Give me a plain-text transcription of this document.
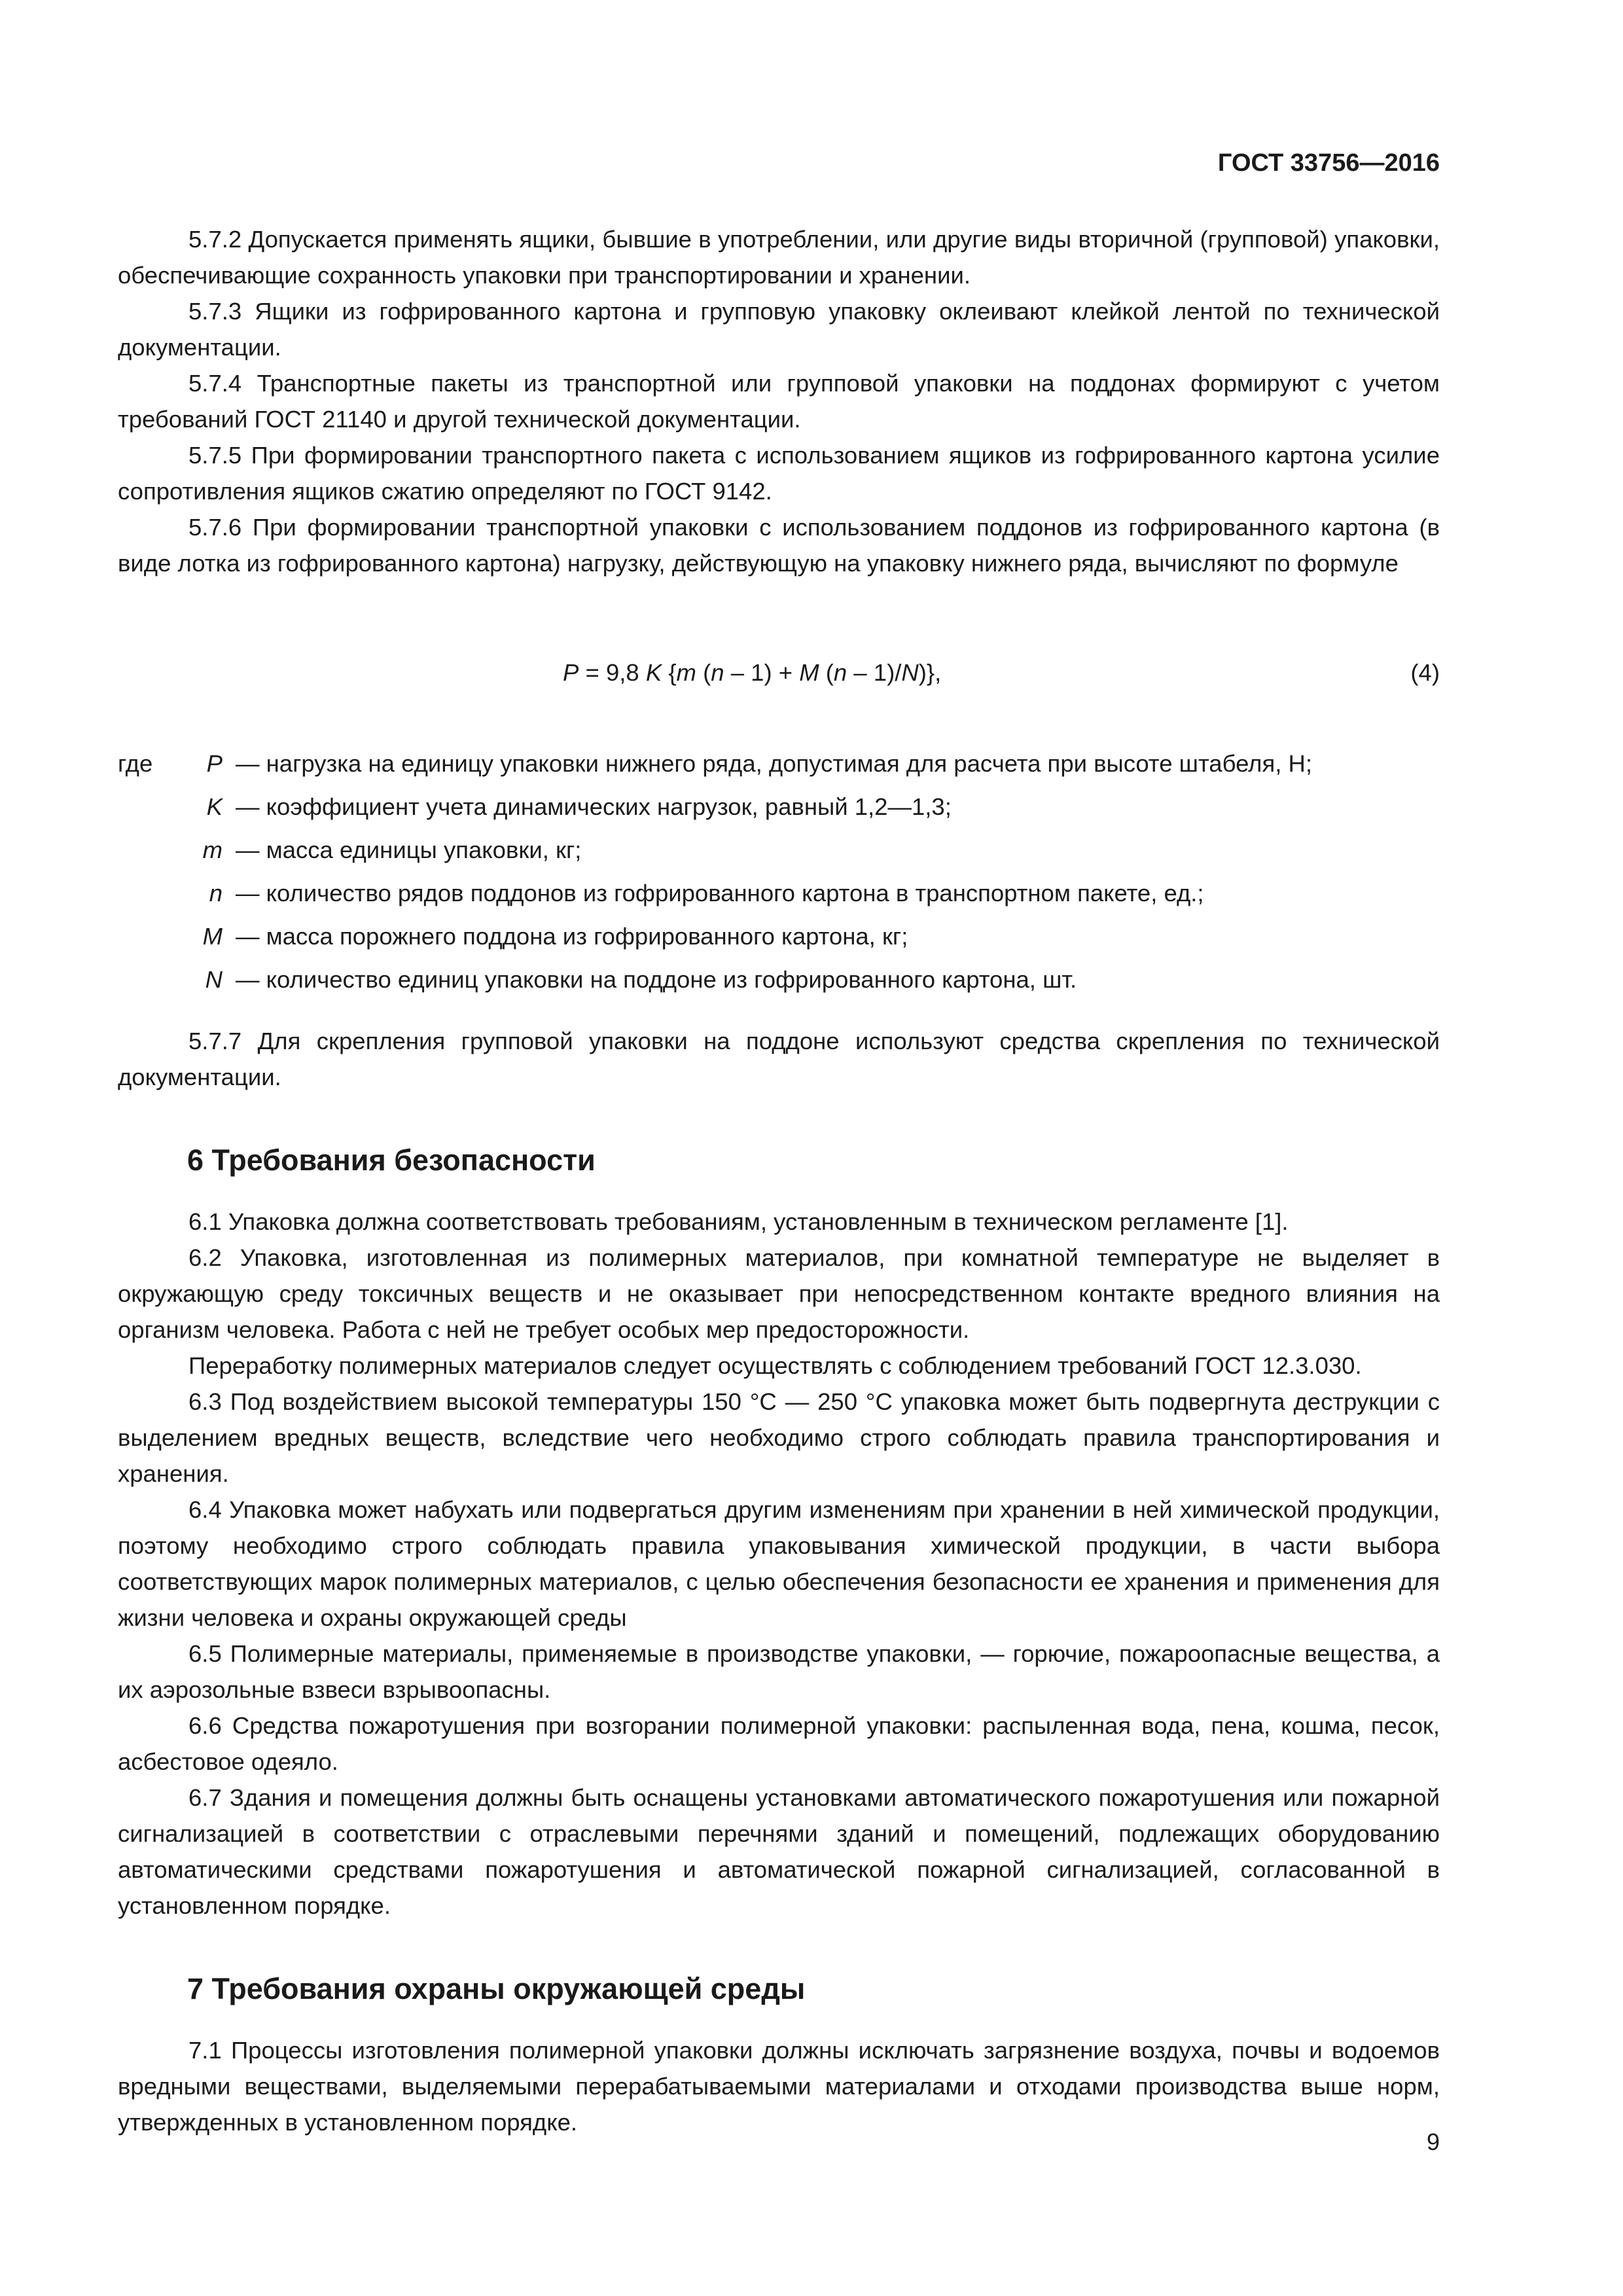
ГОСТ 33756—2016

5.7.2 Допускается применять ящики, бывшие в употреблении, или другие виды вторичной (групповой) упаковки, обеспечивающие сохранность упаковки при транспортировании и хранении.

5.7.3 Ящики из гофрированного картона и групповую упаковку оклеивают клейкой лентой по технической документации.

5.7.4 Транспортные пакеты из транспортной или групповой упаковки на поддонах формируют с учетом требований ГОСТ 21140 и другой технической документации.

5.7.5 При формировании транспортного пакета с использованием ящиков из гофрированного картона усилие сопротивления ящиков сжатию определяют по ГОСТ 9142.

5.7.6 При формировании транспортной упаковки с использованием поддонов из гофрированного картона (в виде лотка из гофрированного картона) нагрузку, действующую на упаковку нижнего ряда, вычисляют по формуле

P = 9,8 K {m (n – 1) + M (n – 1)/N)},	(4)
где	P — нагрузка на единицу упаковки нижнего ряда, допустимая для расчета при высоте штабеля, Н;
K — коэффициент учета динамических нагрузок, равный 1,2—1,3;
m — масса единицы упаковки, кг;
n — количество рядов поддонов из гофрированного картона в транспортном пакете, ед.;
M — масса порожнего поддона из гофрированного картона, кг;
N — количество единиц упаковки на поддоне из гофрированного картона, шт.

5.7.7 Для скрепления групповой упаковки на поддоне используют средства скрепления по технической документации.

6 Требования безопасности

6.1 Упаковка должна соответствовать требованиям, установленным в техническом регламенте [1].

6.2 Упаковка, изготовленная из полимерных материалов, при комнатной температуре не выделяет в окружающую среду токсичных веществ и не оказывает при непосредственном контакте вредного влияния на организм человека. Работа с ней не требует особых мер предосторожности.

Переработку полимерных материалов следует осуществлять с соблюдением требований ГОСТ 12.3.030.

6.3 Под воздействием высокой температуры 150 °С — 250 °С упаковка может быть подвергнута деструкции с выделением вредных веществ, вследствие чего необходимо строго соблюдать правила транспортирования и хранения.

6.4 Упаковка может набухать или подвергаться другим изменениям при хранении в ней химической продукции, поэтому необходимо строго соблюдать правила упаковывания химической продукции, в части выбора соответствующих марок полимерных материалов, с целью обеспечения безопасности ее хранения и применения для жизни человека и охраны окружающей среды

6.5 Полимерные материалы, применяемые в производстве упаковки, — горючие, пожароопасные вещества, а их аэрозольные взвеси взрывоопасны.

6.6 Средства пожаротушения при возгорании полимерной упаковки: распыленная вода, пена, кошма, песок, асбестовое одеяло.

6.7 Здания и помещения должны быть оснащены установками автоматического пожаротушения или пожарной сигнализацией в соответствии с отраслевыми перечнями зданий и помещений, подлежащих оборудованию автоматическими средствами пожаротушения и автоматической пожарной сигнализацией, согласованной в установленном порядке.

7 Требования охраны окружающей среды

7.1 Процессы изготовления полимерной упаковки должны исключать загрязнение воздуха, почвы и водоемов вредными веществами, выделяемыми перерабатываемыми материалами и отходами производства выше норм, утвержденных в установленном порядке.

9
